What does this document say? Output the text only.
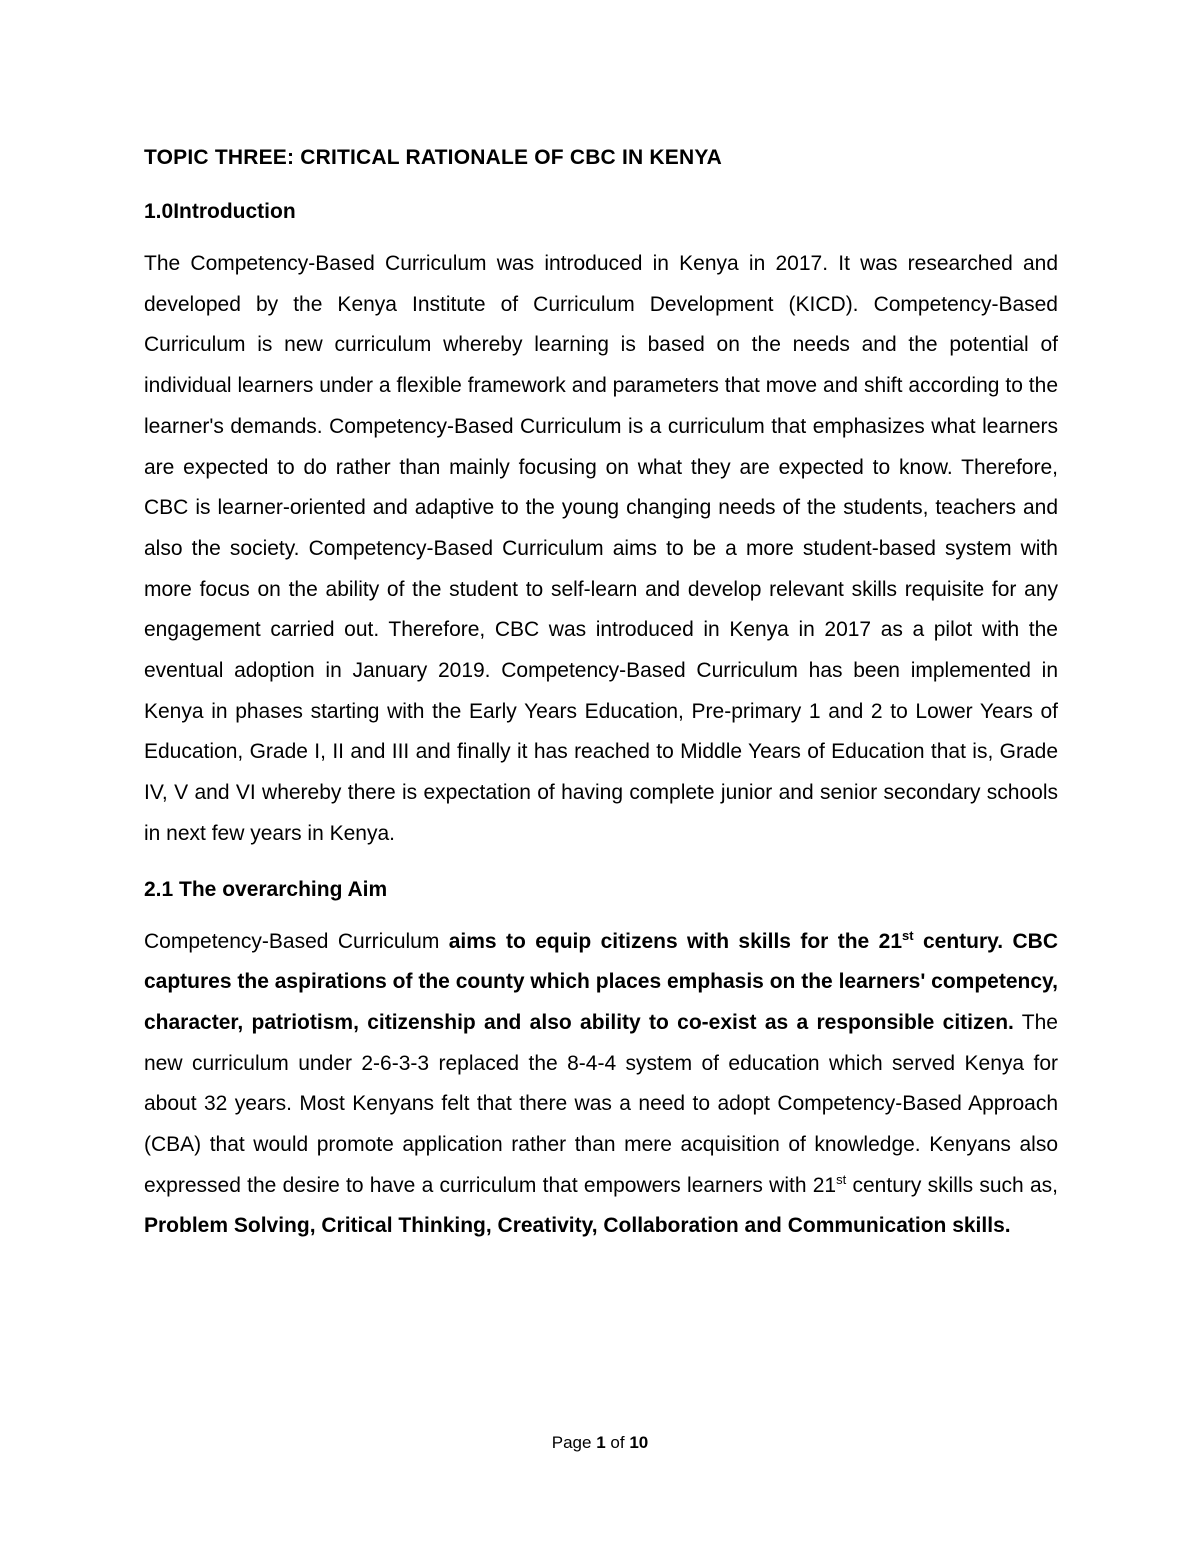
TOPIC THREE: CRITICAL RATIONALE OF CBC IN KENYA
1.0Introduction

The Competency-Based Curriculum was introduced in Kenya in 2017. It was researched and developed by the Kenya Institute of Curriculum Development (KICD). Competency-Based Curriculum is new curriculum whereby learning is based on the needs and the potential of individual learners under a flexible framework and parameters that move and shift according to the learner's demands. Competency-Based Curriculum is a curriculum that emphasizes what learners are expected to do rather than mainly focusing on what they are expected to know. Therefore, CBC is learner-oriented and adaptive to the young changing needs of the students, teachers and also the society. Competency-Based Curriculum aims to be a more student-based system with more focus on the ability of the student to self-learn and develop relevant skills requisite for any engagement carried out. Therefore, CBC was introduced in Kenya in 2017 as a pilot with the eventual adoption in January 2019. Competency-Based Curriculum has been implemented in Kenya in phases starting with the Early Years Education, Pre-primary 1 and 2 to Lower Years of Education, Grade I, II and III and finally it has reached to Middle Years of Education that is, Grade IV, V and VI whereby there is expectation of having complete junior and senior secondary schools in next few years in Kenya.

2.1 The overarching Aim

Competency-Based Curriculum aims to equip citizens with skills for the 21st century. CBC captures the aspirations of the county which places emphasis on the learners' competency, character, patriotism, citizenship and also ability to co-exist as a responsible citizen. The new curriculum under 2-6-3-3 replaced the 8-4-4 system of education which served Kenya for about 32 years. Most Kenyans felt that there was a need to adopt Competency-Based Approach (CBA) that would promote application rather than mere acquisition of knowledge. Kenyans also expressed the desire to have a curriculum that empowers learners with 21st century skills such as, Problem Solving, Critical Thinking, Creativity, Collaboration and Communication skills.

Page 1 of 10
